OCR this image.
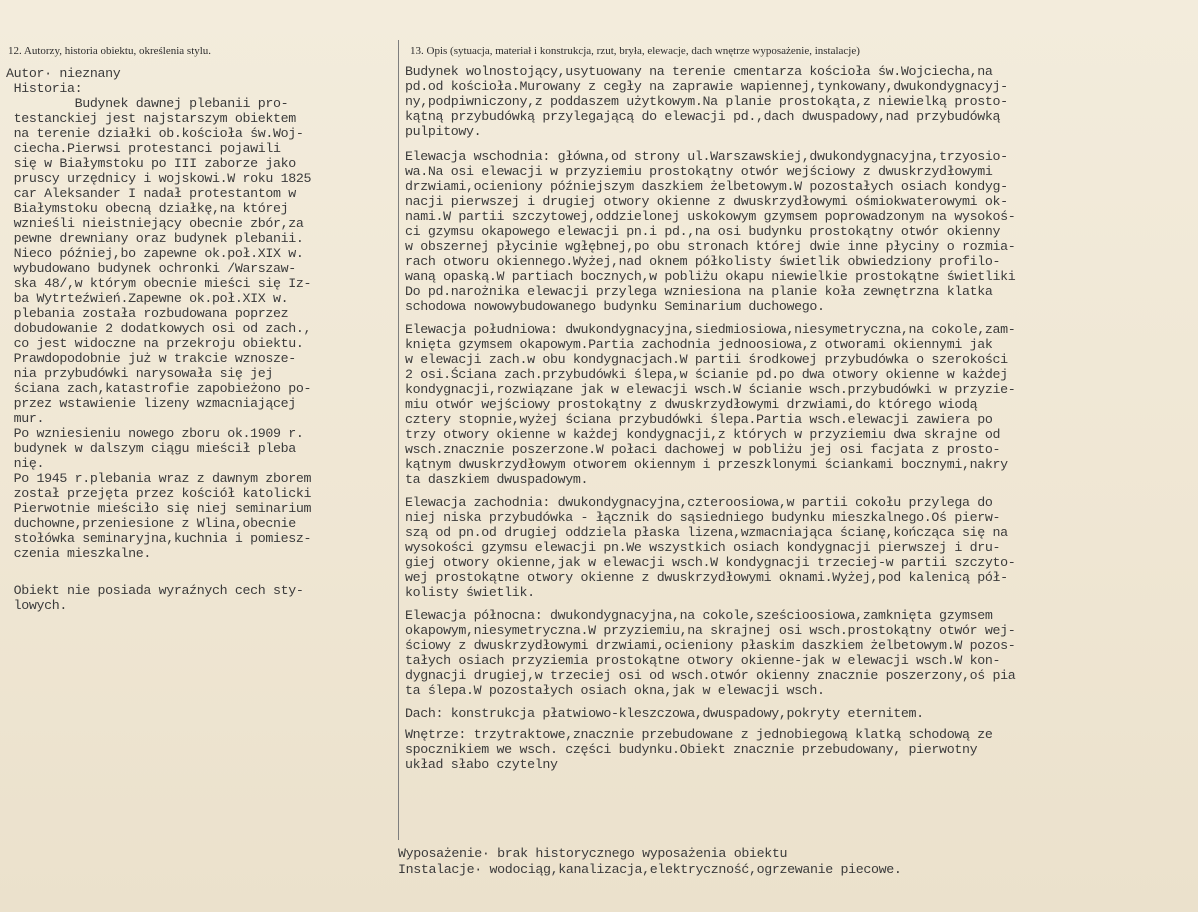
12. Autorzy, historia obiektu, określenia stylu.	13. Opis (sytuacja, materiał i konstrukcja, rzut, bryła, elewacje, dach wnętrze wyposażenie, instalacje)
Autor· nieznany
Historia:
Budynek dawnej plebanii pro-
testanckiej jest najstarszym obiektem
na terenie działki ob.kościoła św.Woj-
ciecha.Pierwsi protestanci pojawili
się w Białymstoku po III zaborze jako
pruscy urzędnicy i wojskowi.W roku 1825
car Aleksander I nadał protestantom w
Białymstoku obecną działkę,na której
wznieśli nieistniejący obecnie zbór,za
pewne drewniany oraz budynek plebanii.
Nieco później,bo zapewne ok.poł.XIX w.
wybudowano budynek ochronki /Warszaw-
ska 48/,w którym obecnie mieści się Iz-
ba Wytrteźwień.Zapewne ok.poł.XIX w.
plebania została rozbudowana poprzez
dobudowanie 2 dodatkowych osi od zach.,
co jest widoczne na przekroju obiektu.
Prawdopodobnie już w trakcie wznosze-
nia przybudówki narysowała się jej
ściana zach,katastrofie zapobieżono po-
przez wstawienie lizeny wzmacniającej
mur.
Po wzniesieniu nowego zboru ok.1909 r.
budynek w dalszym ciągu mieścił pleba
nię.
Po 1945 r.plebania wraz z dawnym zborem
został przejęta przez kościół katolicki
Pierwotnie mieściło się niej seminarium
duchowne,przeniesione z Wlina,obecnie
stołówka seminaryjna,kuchnia i pomiesz-
czenia mieszkalne.
Obiekt nie posiada wyraźnych cech sty-
lowych.
Budynek wolnostojący,usytuowany na terenie cmentarza kościoła św.Wojciecha,na
pd.od kościoła.Murowany z cegły na zaprawie wapiennej,tynkowany,dwukondygnacyj-
ny,podpiwniczony,z poddaszem użytkowym.Na planie prostokąta,z niewielką prosto-
kątną przybudówką przylegającą do elewacji pd.,dach dwuspadowy,nad przybudówką
pulpitowy.
Elewacja wschodnia: główna,od strony ul.Warszawskiej,dwukondygnacyjna,trzyosio-
wa.Na osi elewacji w przyziemiu prostokątny otwór wejściowy z dwuskrzydłowymi
drzwiami,ocieniony późniejszym daszkiem żelbetowym.W pozostałych osiach kondyg-
nacji pierwszej i drugiej otwory okienne z dwuskrzydłowymi ośmiokwaterowymi ok-
nami.W partii szczytowej,oddzielonej uskokowym gzymsem poprowadzonym na wysokoś-
ci gzymsu okapowego elewacji pn.i pd.,na osi budynku prostokątny otwór okienny
w obszernej płycinie wgłębnej,po obu stronach której dwie inne płyciny o rozmia-
rach otworu okiennego.Wyżej,nad oknem półkolisty świetlik obwiedziony profilo-
waną opaską.W partiach bocznych,w pobliżu okapu niewielkie prostokątne świetliki
Do pd.narożnika elewacji przylega wzniesiona na planie koła zewnętrzna klatka
schodowa nowowybudowanego budynku Seminarium duchowego.
Elewacja południowa: dwukondygnacyjna,siedmiosiowa,niesymetryczna,na cokole,zam-
knięta gzymsem okapowym.Partia zachodnia jednoosiowa,z otworami okiennymi jak
w elewacji zach.w obu kondygnacjach.W partii środkowej przybudówka o szerokości
2 osi.Ściana zach.przybudówki ślepa,w ścianie pd.po dwa otwory okienne w każdej
kondygnacji,rozwiązane jak w elewacji wsch.W ścianie wsch.przybudówki w przyzie-
miu otwór wejściowy prostokątny z dwuskrzydłowymi drzwiami,do którego wiodą
cztery stopnie,wyżej ściana przybudówki ślepa.Partia wsch.elewacji zawiera po
trzy otwory okienne w każdej kondygnacji,z których w przyziemiu dwa skrajne od
wsch.znacznie poszerzone.W połaci dachowej w pobliżu jej osi facjata z prosto-
kątnym dwuskrzydłowym otworem okiennym i przeszklonymi ściankami bocznymi,nakry
ta daszkiem dwuspadowym.
Elewacja zachodnia: dwukondygnacyjna,czteroosiowa,w partii cokołu przylega do
niej niska przybudówka - łącznik do sąsiedniego budynku mieszkalnego.Oś pierw-
szą od pn.od drugiej oddziela płaska lizena,wzmacniająca ścianę,kończąca się na
wysokości gzymsu elewacji pn.We wszystkich osiach kondygnacji pierwszej i dru-
giej otwory okienne,jak w elewacji wsch.W kondygnacji trzeciej-w partii szczyto-
wej prostokątne otwory okienne z dwuskrzydłowymi oknami.Wyżej,pod kalenicą pół-
kolisty świetlik.
Elewacja północna: dwukondygnacyjna,na cokole,sześcioosiowa,zamknięta gzymsem
okapowym,niesymetryczna.W przyziemiu,na skrajnej osi wsch.prostokątny otwór wej-
ściowy z dwuskrzydłowymi drzwiami,ocieniony płaskim daszkiem żelbetowym.W pozos-
tałych osiach przyziemia prostokątne otwory okienne-jak w elewacji wsch.W kon-
dygnacji drugiej,w trzeciej osi od wsch.otwór okienny znacznie poszerzony,oś pia
ta ślepa.W pozostałych osiach okna,jak w elewacji wsch.
Dach: konstrukcja płatwiowo-kleszczowa,dwuspadowy,pokryty eternitem.
Wnętrze: trzytraktowe,znacznie przebudowane z jednobiegową klatką schodową ze
spocznikiem we wsch. części budynku.Obiekt znacznie przebudowany, pierwotny
układ słabo czytelny
Wyposażenie· brak historycznego wyposażenia obiektu
Instalacje· wodociąg,kanalizacja,elektryczność,ogrzewanie piecowe.
